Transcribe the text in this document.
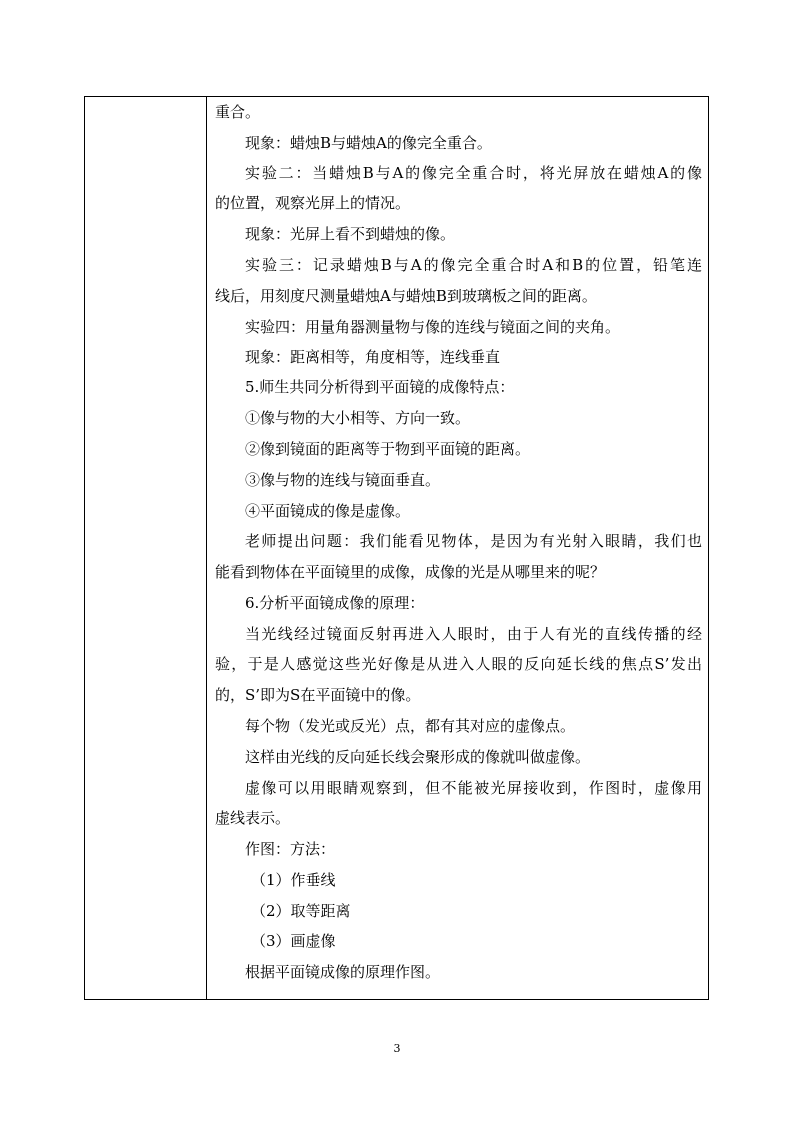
重合。
现象：蜡烛B与蜡烛A的像完全重合。
实验二：当蜡烛B与A的像完全重合时，将光屏放在蜡烛A的像
的位置，观察光屏上的情况。
现象：光屏上看不到蜡烛的像。
实验三：记录蜡烛B与A的像完全重合时A和B的位置，铅笔连
线后，用刻度尺测量蜡烛A与蜡烛B到玻璃板之间的距离。
实验四：用量角器测量物与像的连线与镜面之间的夹角。
现象：距离相等，角度相等，连线垂直
5.师生共同分析得到平面镜的成像特点：
①像与物的大小相等、方向一致。
②像到镜面的距离等于物到平面镜的距离。
③像与物的连线与镜面垂直。
④平面镜成的像是虚像。
老师提出问题：我们能看见物体，是因为有光射入眼睛，我们也
能看到物体在平面镜里的成像，成像的光是从哪里来的呢？
6.分析平面镜成像的原理：
当光线经过镜面反射再进入人眼时，由于人有光的直线传播的经
验，于是人感觉这些光好像是从进入人眼的反向延长线的焦点S’发出
的，S’即为S在平面镜中的像。
每个物（发光或反光）点，都有其对应的虚像点。
这样由光线的反向延长线会聚形成的像就叫做虚像。
虚像可以用眼睛观察到，但不能被光屏接收到，作图时，虚像用
虚线表示。
作图：方法：
（1）作垂线
（2）取等距离
（3）画虚像
根据平面镜成像的原理作图。
3
